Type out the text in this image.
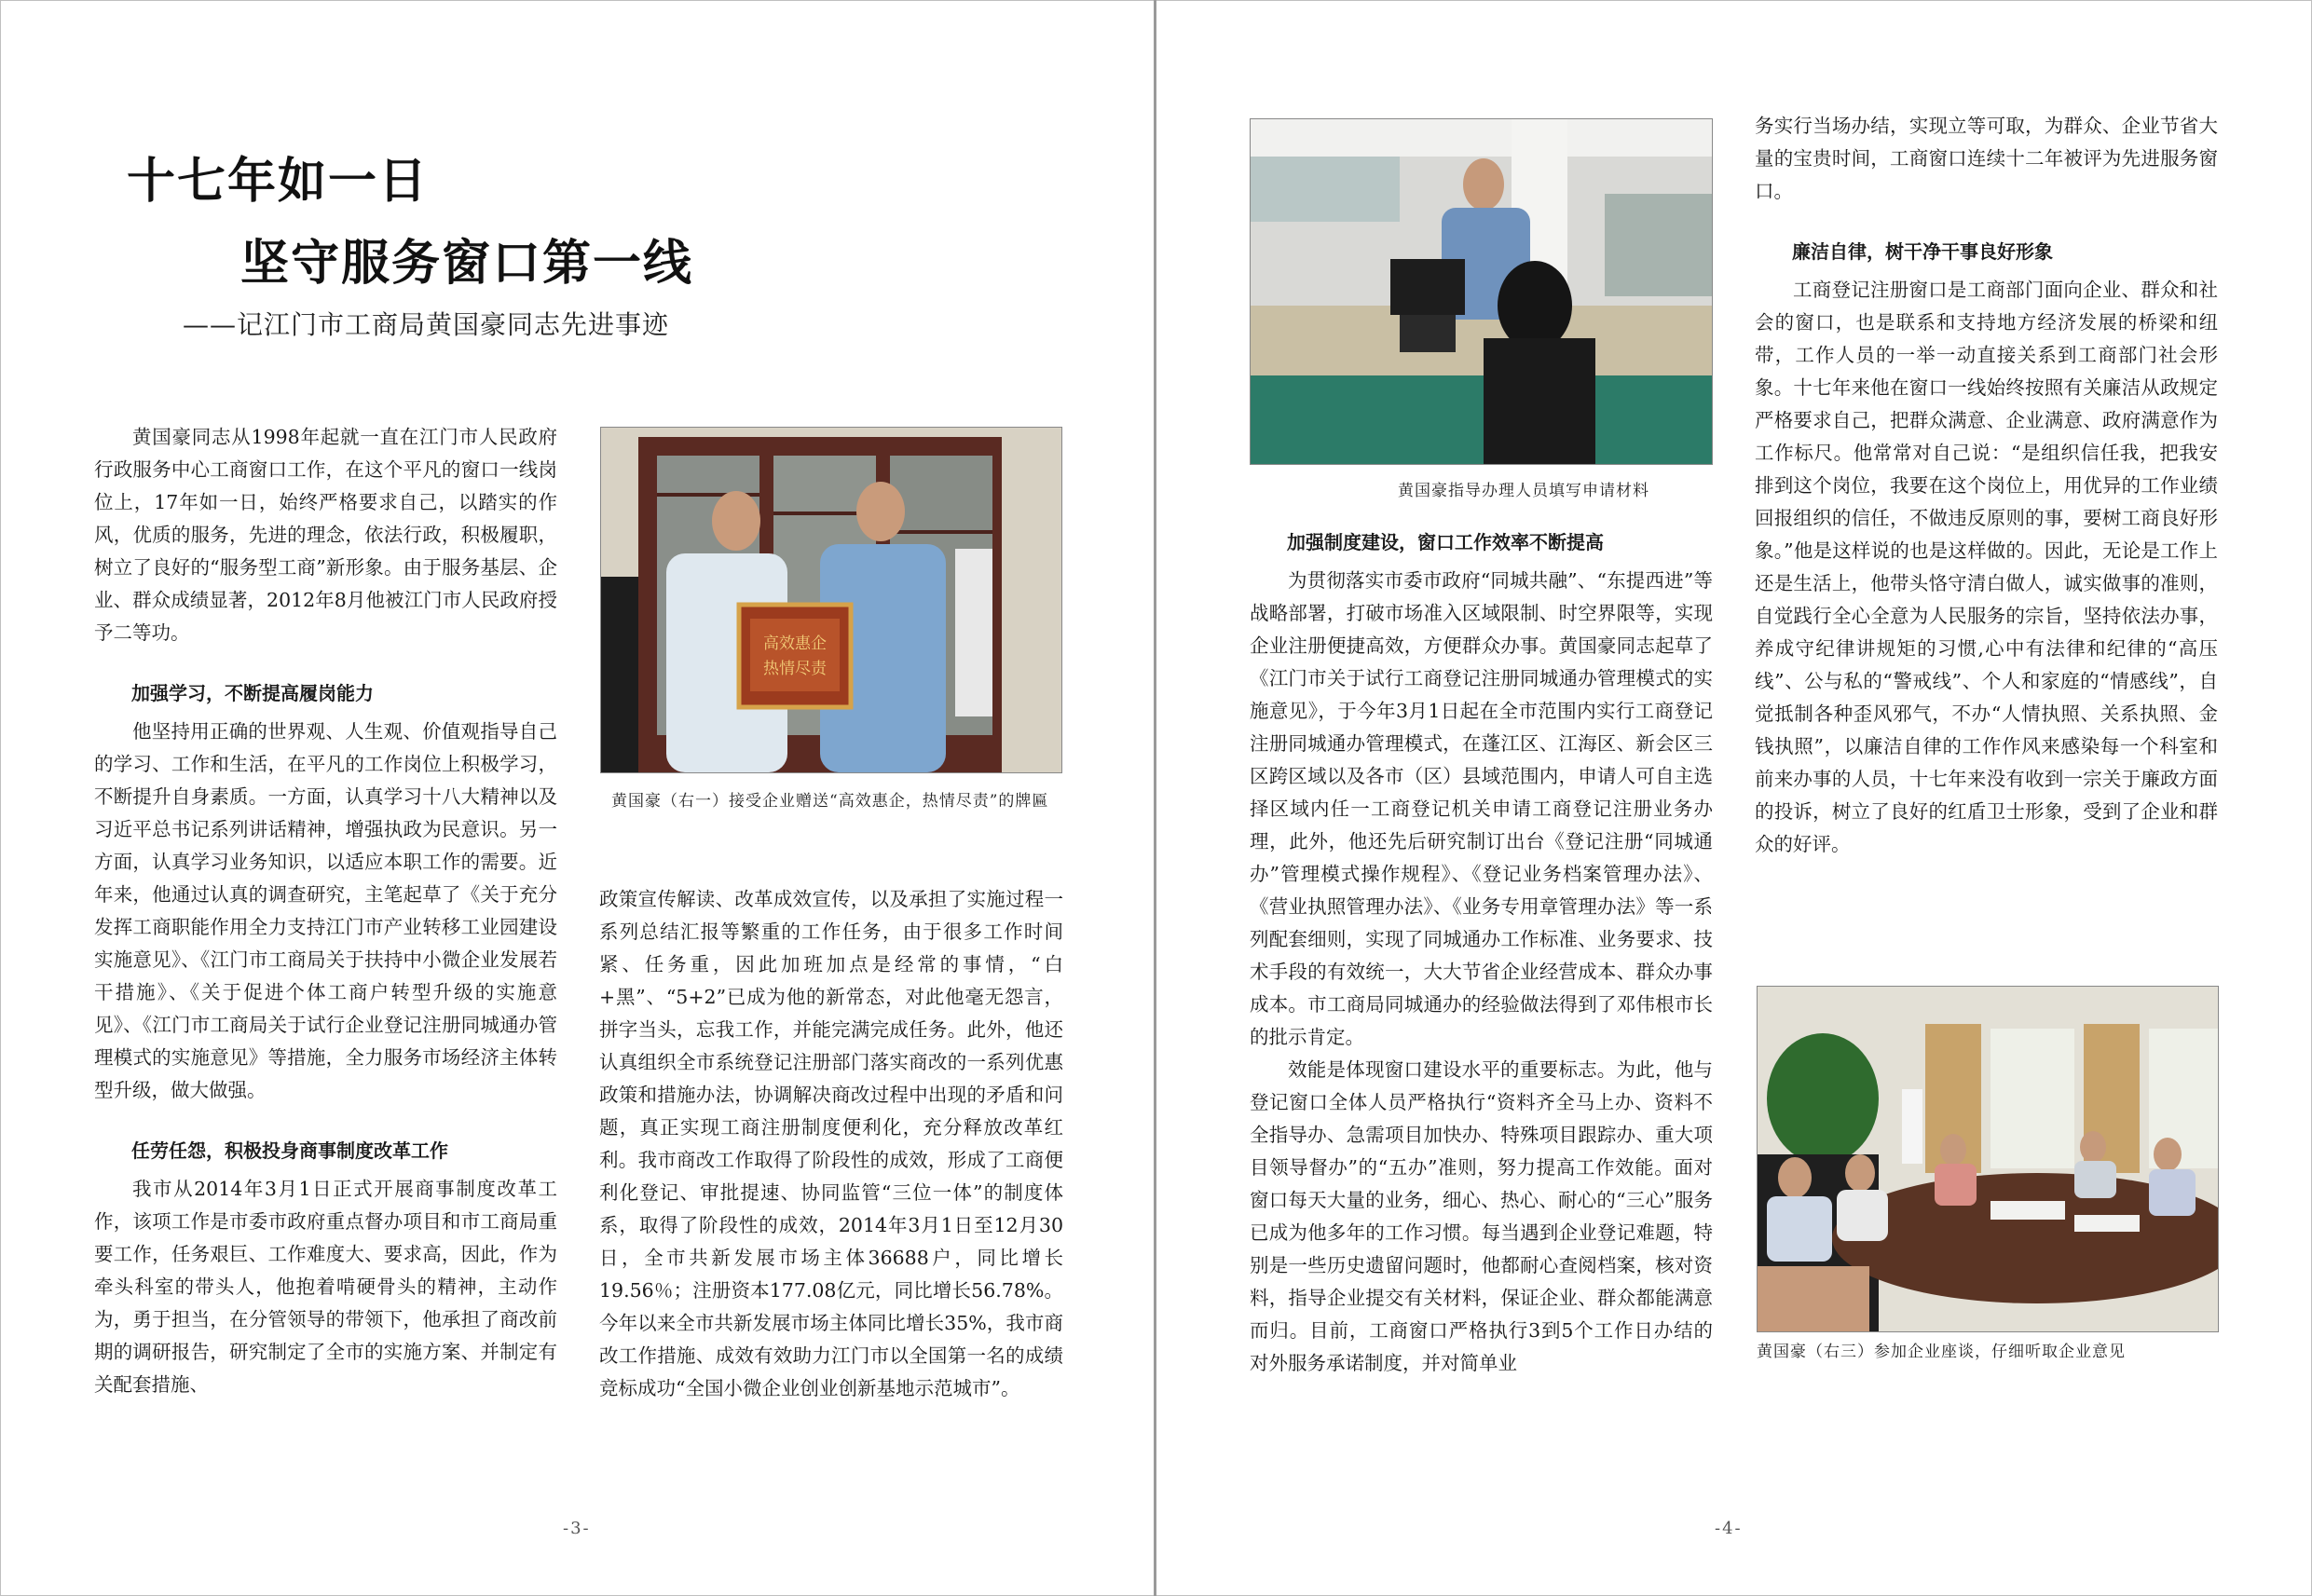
十七年如一日
坚守服务窗口第一线
——记江门市工商局黄国豪同志先进事迹

黄国豪同志从1998年起就一直在江门市人民政府行政服务中心工商窗口工作，在这个平凡的窗口一线岗位上，17年如一日，始终严格要求自己，以踏实的作风，优质的服务，先进的理念，依法行政，积极履职，树立了良好的“服务型工商”新形象。由于服务基层、企业、群众成绩显著，2012年8月他被江门市人民政府授予二等功。

加强学习，不断提高履岗能力

他坚持用正确的世界观、人生观、价值观指导自己的学习、工作和生活，在平凡的工作岗位上积极学习，不断提升自身素质。一方面，认真学习十八大精神以及习近平总书记系列讲话精神，增强执政为民意识。另一方面，认真学习业务知识，以适应本职工作的需要。近年来，他通过认真的调查研究，主笔起草了《关于充分发挥工商职能作用全力支持江门市产业转移工业园建设实施意见》、《江门市工商局关于扶持中小微企业发展若干措施》、《关于促进个体工商户转型升级的实施意见》、《江门市工商局关于试行企业登记注册同城通办管理模式的实施意见》等措施，全力服务市场经济主体转型升级，做大做强。

任劳任怨，积极投身商事制度改革工作

我市从2014年3月1日正式开展商事制度改革工作，该项工作是市委市政府重点督办项目和市工商局重要工作，任务艰巨、工作难度大、要求高，因此，作为牵头科室的带头人，他抱着啃硬骨头的精神，主动作为，勇于担当，在分管领导的带领下，他承担了商改前期的调研报告，研究制定了全市的实施方案、并制定有关配套措施、

高效惠企
热情尽责
黄国豪（右一）接受企业赠送“高效惠企，热情尽责”的牌匾

政策宣传解读、改革成效宣传，以及承担了实施过程一系列总结汇报等繁重的工作任务，由于很多工作时间紧、任务重，因此加班加点是经常的事情，“白+黑”、“5+2”已成为他的新常态，对此他毫无怨言，拼字当头，忘我工作，并能完满完成任务。此外，他还认真组织全市系统登记注册部门落实商改的一系列优惠政策和措施办法，协调解决商改过程中出现的矛盾和问题，真正实现工商注册制度便利化，充分释放改革红利。我市商改工作取得了阶段性的成效，形成了工商便利化登记、审批提速、协同监管“三位一体”的制度体系，取得了阶段性的成效，2014年3月1日至12月30日，全市共新发展市场主体36688户，同比增长19.56％；注册资本177.08亿元，同比增长56.78%。今年以来全市共新发展市场主体同比增长35%，我市商改工作措施、成效有效助力江门市以全国第一名的成绩竞标成功“全国小微企业创业创新基地示范城市”。

-3-
黄国豪指导办理人员填写申请材料
加强制度建设，窗口工作效率不断提高

为贯彻落实市委市政府“同城共融”、“东提西进”等战略部署，打破市场准入区域限制、时空界限等，实现企业注册便捷高效，方便群众办事。黄国豪同志起草了《江门市关于试行工商登记注册同城通办管理模式的实施意见》，于今年3月1日起在全市范围内实行工商登记注册同城通办管理模式，在蓬江区、江海区、新会区三区跨区域以及各市（区）县域范围内，申请人可自主选择区域内任一工商登记机关申请工商登记注册业务办理，此外，他还先后研究制订出台《登记注册“同城通办”管理模式操作规程》、《登记业务档案管理办法》、《营业执照管理办法》、《业务专用章管理办法》等一系列配套细则，实现了同城通办工作标准、业务要求、技术手段的有效统一，大大节省企业经营成本、群众办事成本。市工商局同城通办的经验做法得到了邓伟根市长的批示肯定。

效能是体现窗口建设水平的重要标志。为此，他与登记窗口全体人员严格执行“资料齐全马上办、资料不全指导办、急需项目加快办、特殊项目跟踪办、重大项目领导督办”的“五办”准则，努力提高工作效能。面对窗口每天大量的业务，细心、热心、耐心的“三心”服务已成为他多年的工作习惯。每当遇到企业登记难题，特别是一些历史遗留问题时，他都耐心查阅档案，核对资料，指导企业提交有关材料，保证企业、群众都能满意而归。目前，工商窗口严格执行3到5个工作日办结的对外服务承诺制度，并对简单业

务实行当场办结，实现立等可取，为群众、企业节省大量的宝贵时间，工商窗口连续十二年被评为先进服务窗口。

廉洁自律，树干净干事良好形象

工商登记注册窗口是工商部门面向企业、群众和社会的窗口，也是联系和支持地方经济发展的桥梁和纽带，工作人员的一举一动直接关系到工商部门社会形象。十七年来他在窗口一线始终按照有关廉洁从政规定严格要求自己，把群众满意、企业满意、政府满意作为工作标尺。他常常对自己说：“是组织信任我，把我安排到这个岗位，我要在这个岗位上，用优异的工作业绩回报组织的信任，不做违反原则的事，要树工商良好形象。”他是这样说的也是这样做的。因此，无论是工作上还是生活上，他带头恪守清白做人，诚实做事的准则，自觉践行全心全意为人民服务的宗旨，坚持依法办事，养成守纪律讲规矩的习惯,心中有法律和纪律的“高压线”、公与私的“警戒线”、个人和家庭的“情感线”，自觉抵制各种歪风邪气，不办“人情执照、关系执照、金钱执照”，以廉洁自律的工作作风来感染每一个科室和前来办事的人员，十七年来没有收到一宗关于廉政方面的投诉，树立了良好的红盾卫士形象，受到了企业和群众的好评。

黄国豪（右三）参加企业座谈，仔细听取企业意见
-4-
